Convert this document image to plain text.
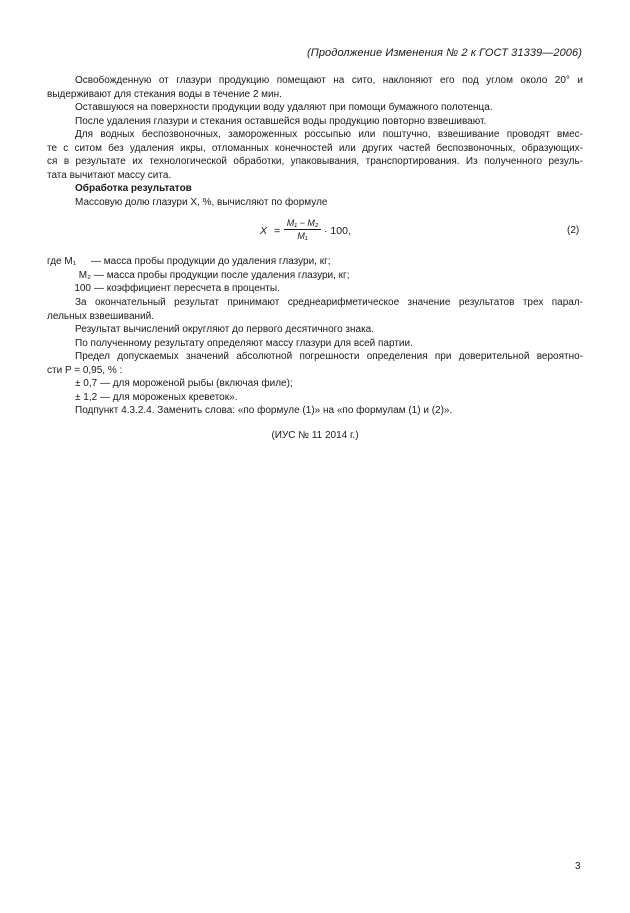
(Продолжение Изменения № 2 к ГОСТ 31339—2006)

Освобожденную от глазури продукцию помещают на сито, наклоняют его под углом около 20° и
выдерживают для стекания воды в течение 2 мин.

Оставшуюся на поверхности продукции воду удаляют при помощи бумажного полотенца.

После удаления глазури и стекания оставшейся воды продукцию повторно взвешивают.

Для водных беспозвоночных, замороженных россыпью или поштучно, взвешивание проводят вмес-
те с ситом без удаления икры, отломанных конечностей или других частей беспозвоночных, образующих-
ся в результате их технологической обработки, упаковывания, транспортирования. Из полученного резуль-
тата вычитают массу сита.

Обработка результатов

Массовую долю глазури X, %, вычисляют по формуле

$X = \frac{\text{M₁ − M₂}}{\text{M₁}} \cdot 100$,	(2)
где M₁ — масса пробы продукции до удаления глазури, кг;
M₂ — масса пробы продукции после удаления глазури, кг;
100 — коэффициент пересчета в проценты.

За окончательный результат принимают среднеарифметическое значение результатов трех парал-
лельных взвешиваний.

Результат вычислений округляют до первого десятичного знака.

По полученному результату определяют массу глазури для всей партии.

Предел допускаемых значений абсолютной погрешности определения при доверительной вероятно-
сти P = 0,95, % :

± 0,7 — для мороженой рыбы (включая филе);

± 1,2 — для мороженых креветок».

Подпункт 4.3.2.4. Заменить слова: «по формуле (1)» на «по формулам (1) и (2)».

(ИУС № 11 2014 г.)
3
